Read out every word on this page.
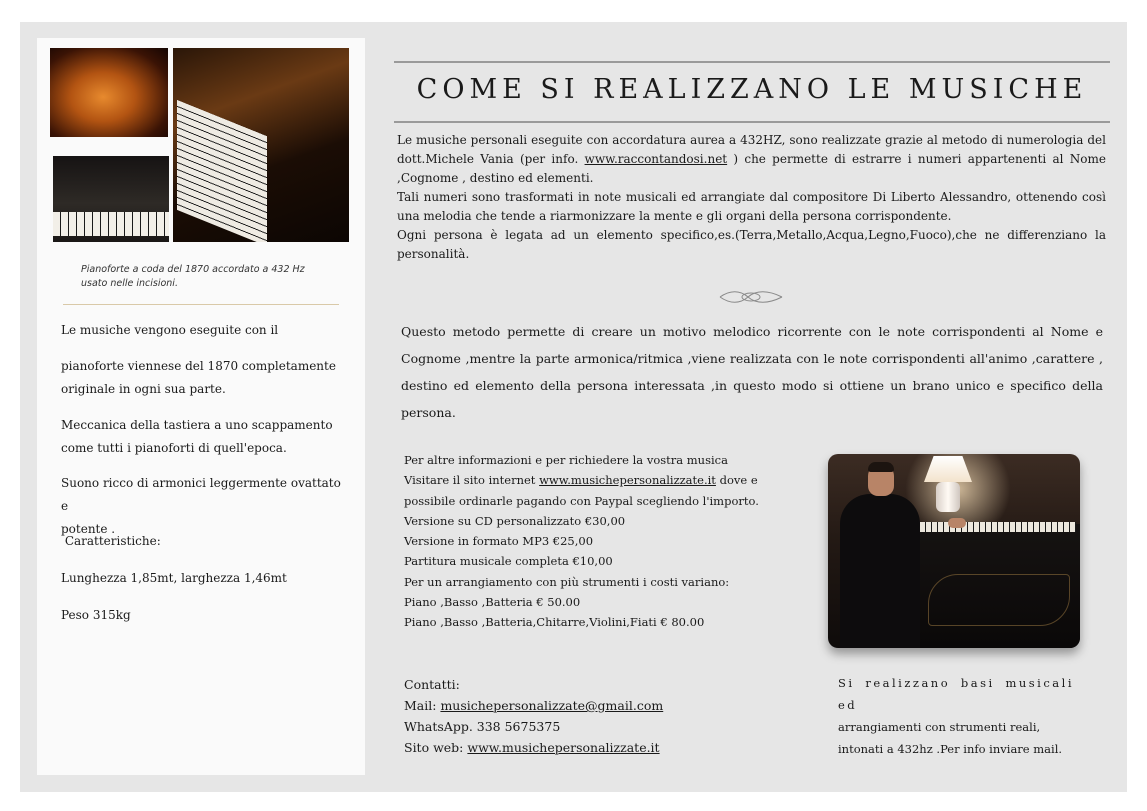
Pianoforte a coda del 1870 accordato a 432 Hz
usato nelle incisioni.
Le musiche vengono eseguite con il
pianoforte viennese del 1870 completamente
originale in ogni sua parte.
Meccanica della tastiera a uno scappamento
come tutti i pianoforti di quell'epoca.
Suono ricco di armonici leggermente ovattato e
potente .
Caratteristiche:
Lunghezza 1,85mt, larghezza 1,46mt
Peso 315kg
COME SI REALIZZANO LE MUSICHE

Le musiche personali eseguite con accordatura aurea a 432HZ, sono realizzate grazie al metodo di numerologia del dott.Michele Vania (per info. www.raccontandosi.net ) che permette di estrarre i numeri appartenenti al Nome ,Cognome , destino ed elementi.

Tali numeri sono trasformati in note musicali ed arrangiate dal compositore Di Liberto Alessandro, ottenendo così una melodia che tende a riarmonizzare la mente e gli organi della persona corrispondente.

Ogni persona è legata ad un elemento specifico,es.(Terra,Metallo,Acqua,Legno,Fuoco),che ne differenziano la personalità.

Questo metodo permette di creare un motivo melodico ricorrente con le note corrispondenti al Nome e Cognome ,mentre la parte armonica/ritmica ,viene realizzata con le note corrispondenti all'animo ,carattere , destino ed elemento della persona interessata ,in questo modo si ottiene un brano unico e specifico della persona.
Per altre informazioni e per richiedere la vostra musica
Visitare il sito internet www.musichepersonalizzate.it dove e
possibile ordinarle pagando con Paypal scegliendo l'importo.
Versione su CD personalizzato €30,00
Versione in formato MP3 €25,00
Partitura musicale completa €10,00
Per un arrangiamento con più strumenti i costi variano:
Piano ,Basso ,Batteria € 50.00
Piano ,Basso ,Batteria,Chitarre,Violini,Fiati € 80.00
Contatti:
Mail: musichepersonalizzate@gmail.com
WhatsApp. 338 5675375
Sito web: www.musichepersonalizzate.it
Si realizzano basi musicali ed
arrangiamenti con strumenti reali,
intonati a 432hz .Per info inviare mail.
